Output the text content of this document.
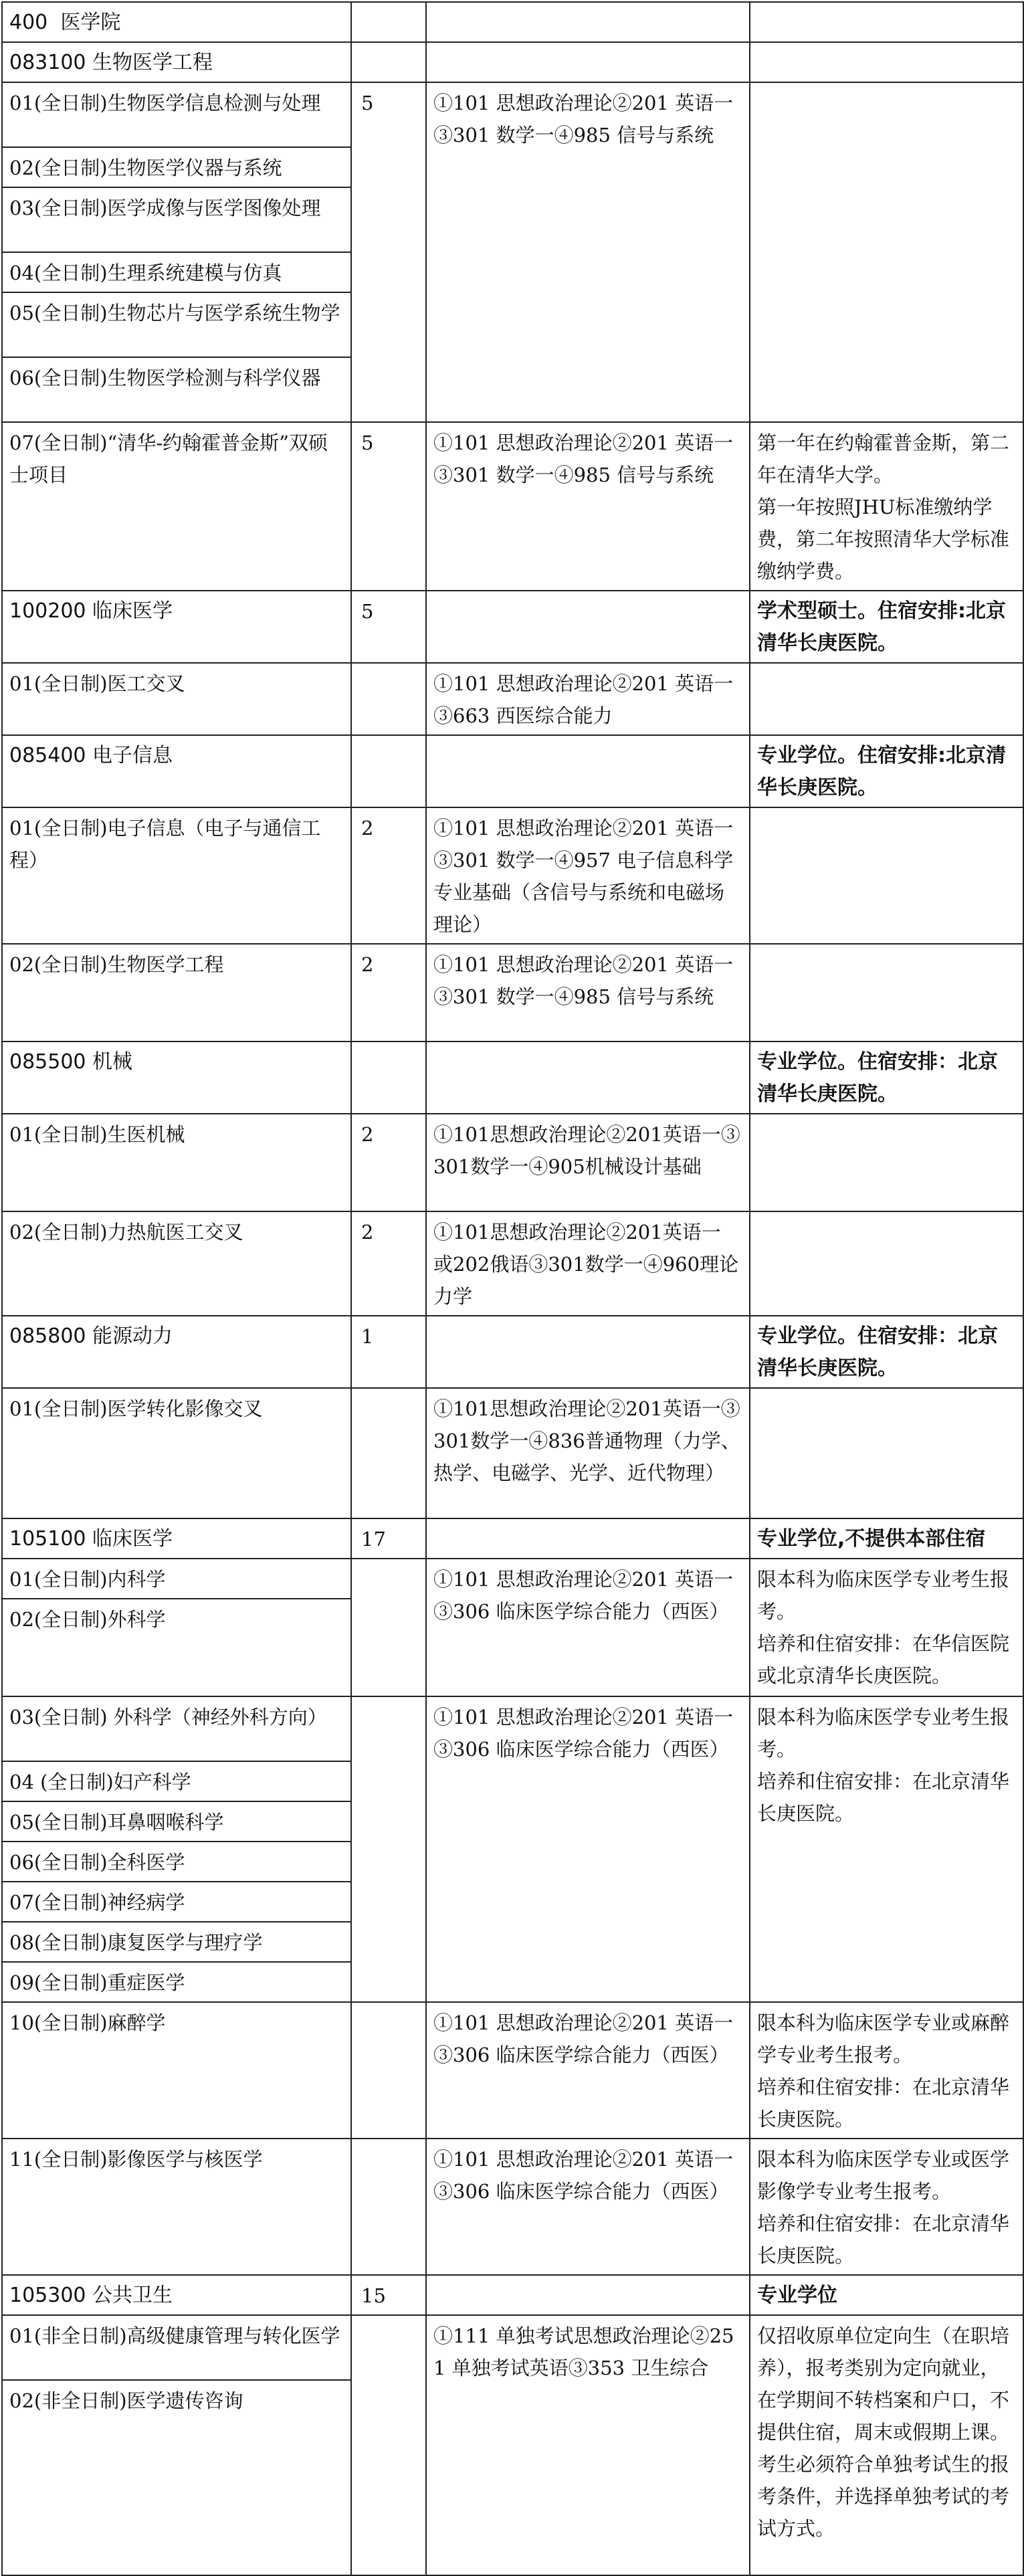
400 医学院			
083100 生物医学工程			
01(全日制)生物医学信息检测与处理	5	①101 思想政治理论②201 英语一③301 数学一④985 信号与系统	
02(全日制)生物医学仪器与系统			
03(全日制)医学成像与医学图像处理			
04(全日制)生理系统建模与仿真			
05(全日制)生物芯片与医学系统生物学			
06(全日制)生物医学检测与科学仪器			
07(全日制)“清华-约翰霍普金斯”双硕士项目	5	①101 思想政治理论②201 英语一③301 数学一④985 信号与系统	第一年在约翰霍普金斯，第二年在清华大学。
第一年按照JHU标准缴纳学费，第二年按照清华大学标准缴纳学费。

100200 临床医学	5		学术型硕士。住宿安排:北京清华长庚医院。
01(全日制)医工交叉		①101 思想政治理论②201 英语一③663 西医综合能力	
085400 电子信息			专业学位。住宿安排:北京清华长庚医院。
01(全日制)电子信息（电子与通信工程）	2	①101 思想政治理论②201 英语一③301 数学一④957 电子信息科学专业基础（含信号与系统和电磁场理论）	
02(全日制)生物医学工程	2	①101 思想政治理论②201 英语一③301 数学一④985 信号与系统	
085500 机械			专业学位。住宿安排：北京清华长庚医院。
01(全日制)生医机械	2	①101思想政治理论②201英语一③301数学一④905机械设计基础	
02(全日制)力热航医工交叉	2	①101思想政治理论②201英语一 或202俄语③301数学一④960理论力学	
085800 能源动力	1		专业学位。住宿安排：北京清华长庚医院。
01(全日制)医学转化影像交叉		①101思想政治理论②201英语一③301数学一④836普通物理（力学、热学、电磁学、光学、近代物理）	
105100 临床医学	17		专业学位,不提供本部住宿
01(全日制)内科学		①101 思想政治理论②201 英语一③306 临床医学综合能力（西医）	限本科为临床医学专业考生报考。
培养和住宿安排：在华信医院或北京清华长庚医院。

02(全日制)外科学			
03(全日制) 外科学（神经外科方向）		①101 思想政治理论②201 英语一③306 临床医学综合能力（西医）	限本科为临床医学专业考生报考。
培养和住宿安排：在北京清华长庚医院。

04 (全日制)妇产科学			
05(全日制)耳鼻咽喉科学			
06(全日制)全科医学			
07(全日制)神经病学			
08(全日制)康复医学与理疗学			
09(全日制)重症医学			
10(全日制)麻醉学		①101 思想政治理论②201 英语一③306 临床医学综合能力（西医）	限本科为临床医学专业或麻醉学专业考生报考。
培养和住宿安排：在北京清华长庚医院。

11(全日制)影像医学与核医学		①101 思想政治理论②201 英语一③306 临床医学综合能力（西医）	限本科为临床医学专业或医学影像学专业考生报考。
培养和住宿安排：在北京清华长庚医院。

105300 公共卫生	15		专业学位
01(非全日制)高级健康管理与转化医学		①111 单独考试思想政治理论②251 单独考试英语③353 卫生综合	仅招收原单位定向生（在职培养），报考类别为定向就业，在学期间不转档案和户口，不提供住宿，周末或假期上课。
考生必须符合单独考试生的报考条件，并选择单独考试的考试方式。

02(非全日制)医学遗传咨询			
